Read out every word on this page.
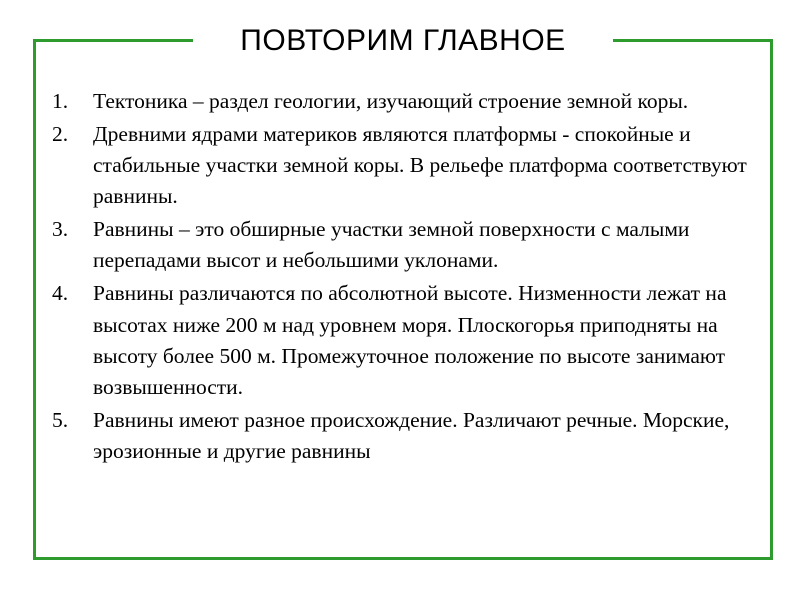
ПОВТОРИМ ГЛАВНОЕ
1. Тектоника – раздел геологии, изучающий строение земной коры.
2. Древними ядрами материков являются платформы - спокойные и стабильные участки земной коры. В рельефе платформа соответствуют равнины.
3. Равнины – это обширные участки земной поверхности с малыми перепадами высот и небольшими уклонами.
4. Равнины различаются по абсолютной высоте. Низменности лежат на высотах ниже 200 м над уровнем моря. Плоскогорья приподняты на высоту более 500 м. Промежуточное положение по высоте занимают возвышенности.
5. Равнины имеют разное происхождение. Различают речные. Морские, эрозионные и другие равнины
